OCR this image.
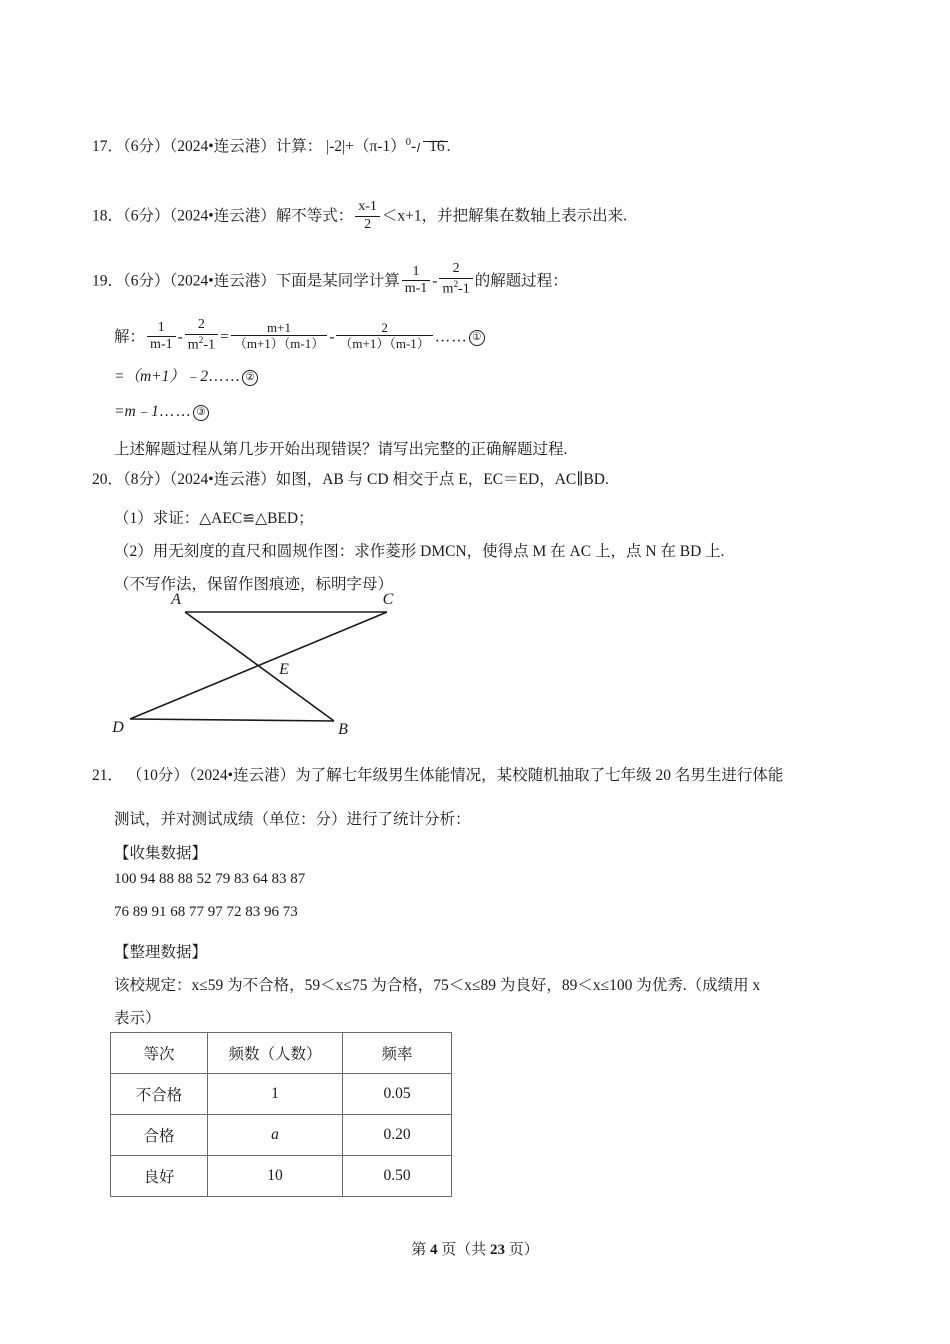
17．（6分）（2024•连云港）计算： $|-2|+(\pi-1)^0-$ 16 .
18．（6分）（2024•连云港）解不等式： $\frac{x-1}{2} <x+1$，并把解集在数轴上表示出来.
19．（6分）（2024•连云港）下面是某同学计算 $\frac{1}{m-1} - \frac{2}{m^2-1}$ 的解题过程：
解： $\frac{1}{m-1} - \frac{2}{m^2-1} = \frac{m+1}{(m+1)(m-1)} - \frac{2}{(m+1)(m-1)}$ …… ①
=（m+1）﹣2…… ②
=m﹣1…… ③
上述解题过程从第几步开始出现错误？请写出完整的正确解题过程.
20．（8分）（2024•连云港）如图，AB 与 CD 相交于点 E，EC＝ED，AC∥BD.
（1）求证：△AEC≌△BED；
（2）用无刻度的直尺和圆规作图：求作菱形 DMCN，使得点 M 在 AC 上，点 N 在 BD 上.
（不写作法，保留作图痕迹，标明字母）
A	C
D	B
E
21． （10分）（2024•连云港）为了解七年级男生体能情况，某校随机抽取了七年级 20 名男生进行体能
测试，并对测试成绩（单位：分）进行了统计分析：
【收集数据】
100 94 88 88 52 79 83 64 83 87
76 89 91 68 77 97 72 83 96 73
【整理数据】
该校规定：x≤59 为不合格，59＜x≤75 为合格，75＜x≤89 为良好，89＜x≤100 为优秀.（成绩用 x
表示）
等次	频数（人数）	频率
不合格	1	0.05
合格	a	0.20
良好	10	0.50
第 4 页（共 23 页）
